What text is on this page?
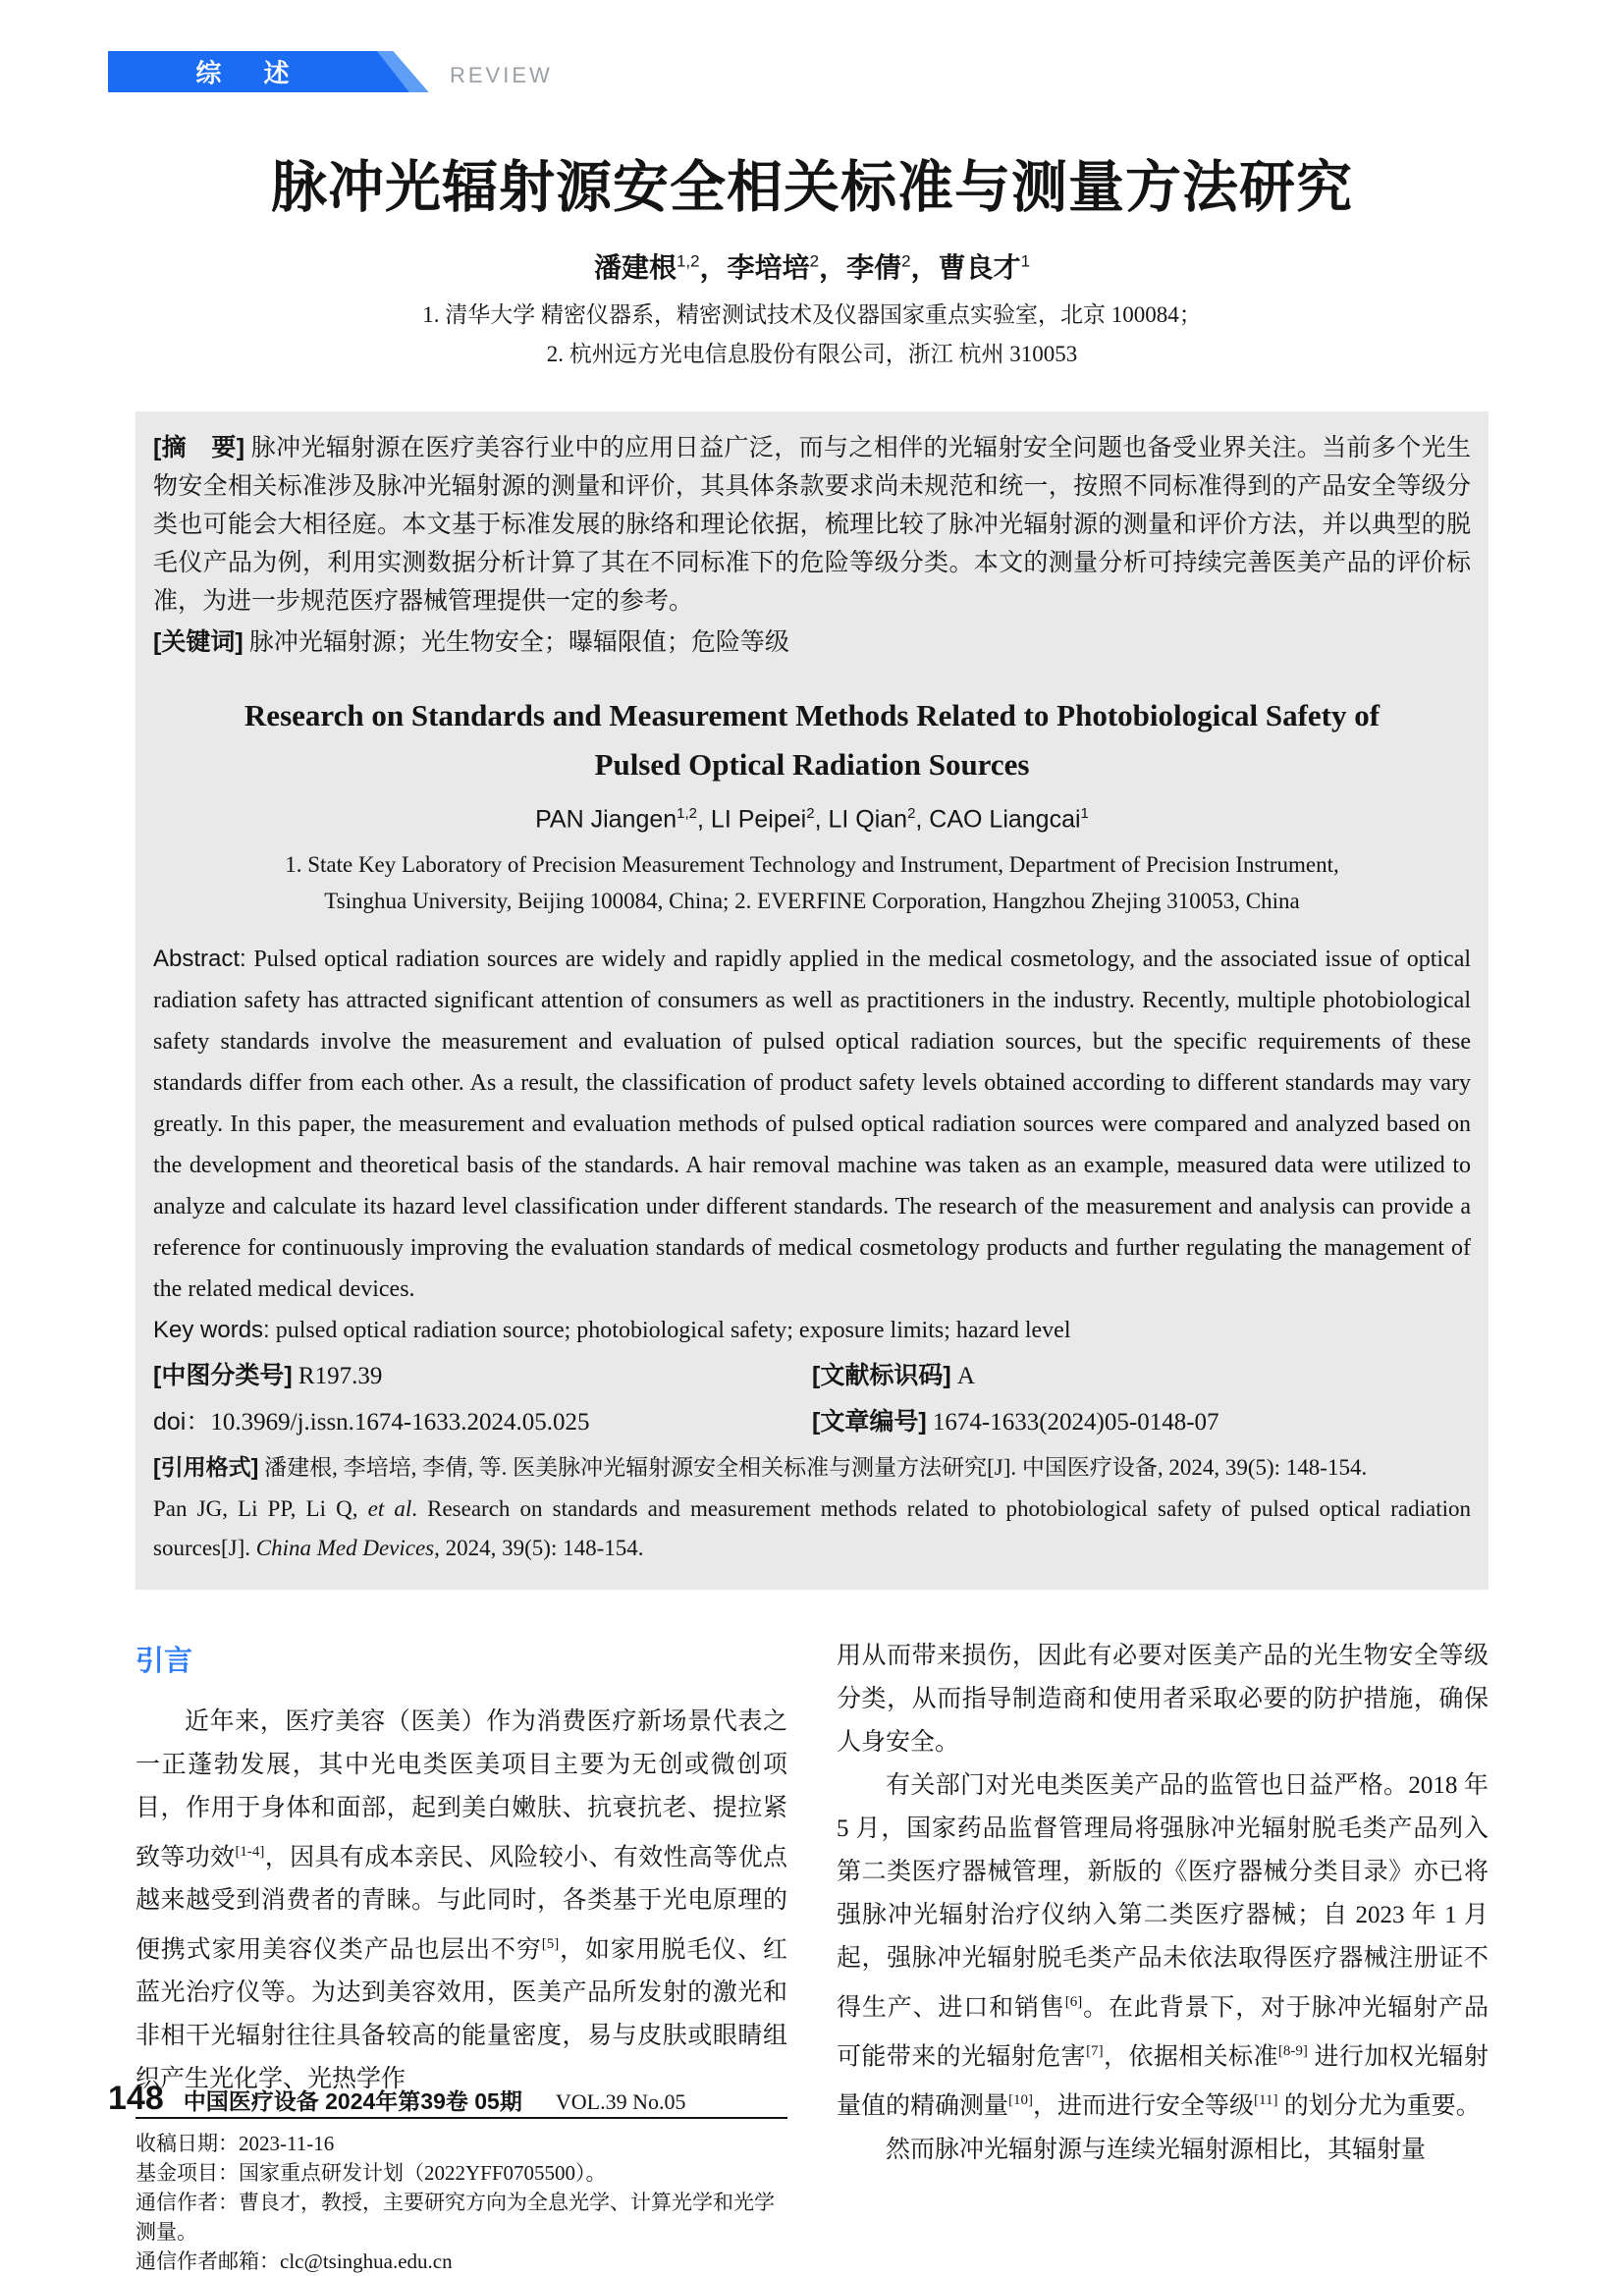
综 述	REVIEW
脉冲光辐射源安全相关标准与测量方法研究
潘建根$^{1,2}$，李培培$^2$，李倩$^2$，曹良才$^1$
1. 清华大学 精密仪器系，精密测试技术及仪器国家重点实验室，北京 100084；
2. 杭州远方光电信息股份有限公司，浙江 杭州 310053

[摘　要] 脉冲光辐射源在医疗美容行业中的应用日益广泛，而与之相伴的光辐射安全问题也备受业界关注。当前多个光生物安全相关标准涉及脉冲光辐射源的测量和评价，其具体条款要求尚未规范和统一，按照不同标准得到的产品安全等级分类也可能会大相径庭。本文基于标准发展的脉络和理论依据，梳理比较了脉冲光辐射源的测量和评价方法，并以典型的脱毛仪产品为例，利用实测数据分析计算了其在不同标准下的危险等级分类。本文的测量分析可持续完善医美产品的评价标准，为进一步规范医疗器械管理提供一定的参考。

[关键词] 脉冲光辐射源；光生物安全；曝辐限值；危险等级

Research on Standards and Measurement Methods Related to Photobiological Safety of
Pulsed Optical Radiation Sources
PAN Jiangen$^{1,2}$, LI Peipei$^2$, LI Qian$^2$, CAO Liangcai$^1$
1. State Key Laboratory of Precision Measurement Technology and Instrument, Department of Precision Instrument,
Tsinghua University, Beijing 100084, China; 2. EVERFINE Corporation, Hangzhou Zhejing 310053, China

Abstract: Pulsed optical radiation sources are widely and rapidly applied in the medical cosmetology, and the associated issue of optical radiation safety has attracted significant attention of consumers as well as practitioners in the industry. Recently, multiple photobiological safety standards involve the measurement and evaluation of pulsed optical radiation sources, but the specific requirements of these standards differ from each other. As a result, the classification of product safety levels obtained according to different standards may vary greatly. In this paper, the measurement and evaluation methods of pulsed optical radiation sources were compared and analyzed based on the development and theoretical basis of the standards. A hair removal machine was taken as an example, measured data were utilized to analyze and calculate its hazard level classification under different standards. The research of the measurement and analysis can provide a reference for continuously improving the evaluation standards of medical cosmetology products and further regulating the management of the related medical devices.

Key words: pulsed optical radiation source; photobiological safety; exposure limits; hazard level

[中图分类号] R197.39	[文献标识码] A
doi：10.3969/j.issn.1674-1633.2024.05.025	[文章编号] 1674-1633(2024)05-0148-07

[引用格式] 潘建根, 李培培, 李倩, 等. 医美脉冲光辐射源安全相关标准与测量方法研究[J]. 中国医疗设备, 2024, 39(5): 148-154.

Pan JG, Li PP, Li Q, et al. Research on standards and measurement methods related to photobiological safety of pulsed optical radiation sources[J]. China Med Devices, 2024, 39(5): 148-154.

引言

近年来，医疗美容（医美）作为消费医疗新场景代表之一正蓬勃发展，其中光电类医美项目主要为无创或微创项目，作用于身体和面部，起到美白嫩肤、抗衰抗老、提拉紧致等功效[1-4]，因具有成本亲民、风险较小、有效性高等优点越来越受到消费者的青睐。与此同时，各类基于光电原理的便携式家用美容仪类产品也层出不穷[5]，如家用脱毛仪、红蓝光治疗仪等。为达到美容效用，医美产品所发射的激光和非相干光辐射往往具备较高的能量密度，易与皮肤或眼睛组织产生光化学、光热学作

收稿日期：2023-11-16
基金项目：国家重点研发计划（2022YFF0705500）。
通信作者：曹良才，教授，主要研究方向为全息光学、计算光学和光学测量。
通信作者邮箱：clc@tsinghua.edu.cn

用从而带来损伤，因此有必要对医美产品的光生物安全等级分类，从而指导制造商和使用者采取必要的防护措施，确保人身安全。

有关部门对光电类医美产品的监管也日益严格。2018 年 5 月，国家药品监督管理局将强脉冲光辐射脱毛类产品列入第二类医疗器械管理，新版的《医疗器械分类目录》亦已将强脉冲光辐射治疗仪纳入第二类医疗器械；自 2023 年 1 月起，强脉冲光辐射脱毛类产品未依法取得医疗器械注册证不得生产、进口和销售[6]。在此背景下，对于脉冲光辐射产品可能带来的光辐射危害[7]，依据相关标准[8-9] 进行加权光辐射量值的精确测量[10]，进而进行安全等级[11] 的划分尤为重要。

然而脉冲光辐射源与连续光辐射源相比，其辐射量

148 中国医疗设备 2024年第39卷 05期 VOL.39 No.05
